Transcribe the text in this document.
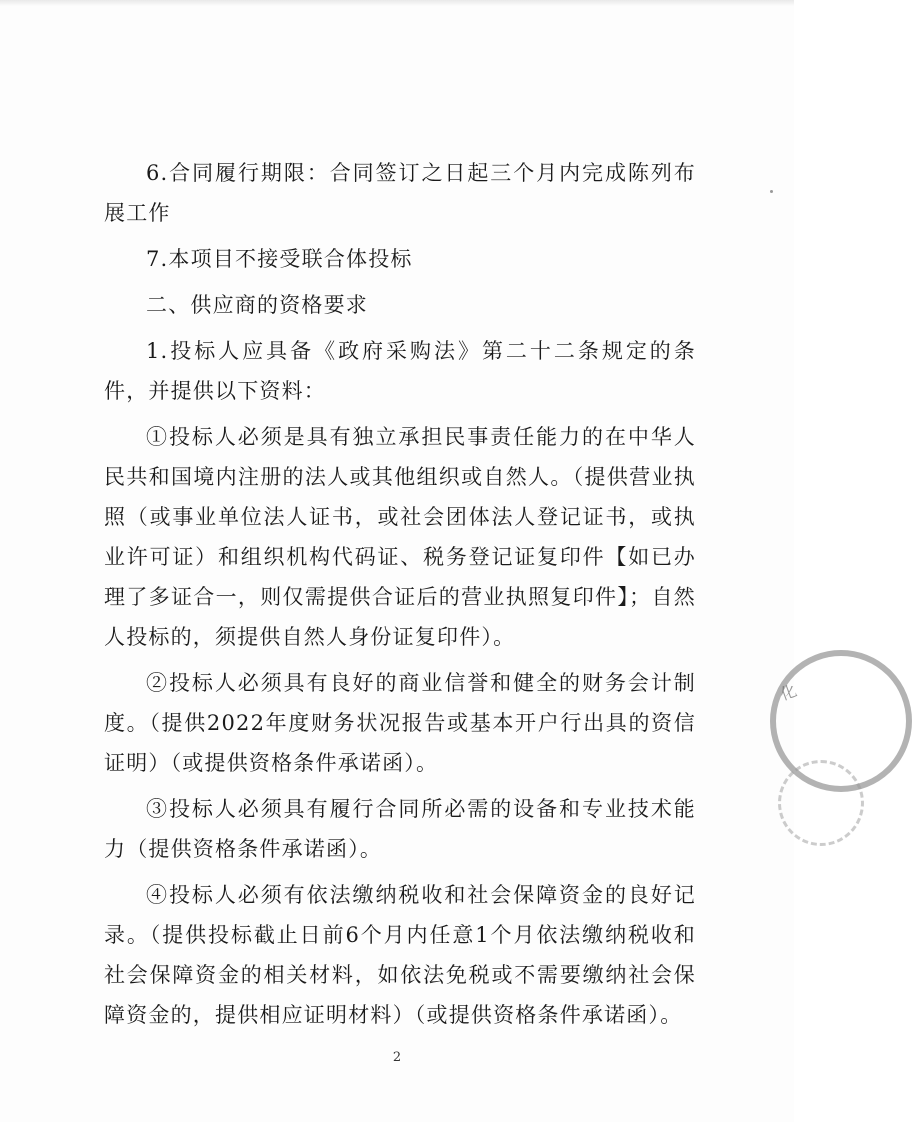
6.合同履行期限：合同签订之日起三个月内完成陈列布展工作

7.本项目不接受联合体投标

二、供应商的资格要求

1.投标人应具备《政府采购法》第二十二条规定的条件，并提供以下资料：

①投标人必须是具有独立承担民事责任能力的在中华人民共和国境内注册的法人或其他组织或自然人。（提供营业执照（或事业单位法人证书，或社会团体法人登记证书，或执业许可证）和组织机构代码证、税务登记证复印件【如已办理了多证合一，则仅需提供合证后的营业执照复印件】；自然人投标的，须提供自然人身份证复印件）。

②投标人必须具有良好的商业信誉和健全的财务会计制度。（提供2022年度财务状况报告或基本开户行出具的资信证明）（或提供资格条件承诺函）。

③投标人必须具有履行合同所必需的设备和专业技术能力（提供资格条件承诺函）。

④投标人必须有依法缴纳税收和社会保障资金的良好记录。（提供投标截止日前6个月内任意1个月依法缴纳税收和社会保障资金的相关材料，如依法免税或不需要缴纳社会保障资金的，提供相应证明材料）（或提供资格条件承诺函）。

化
2
